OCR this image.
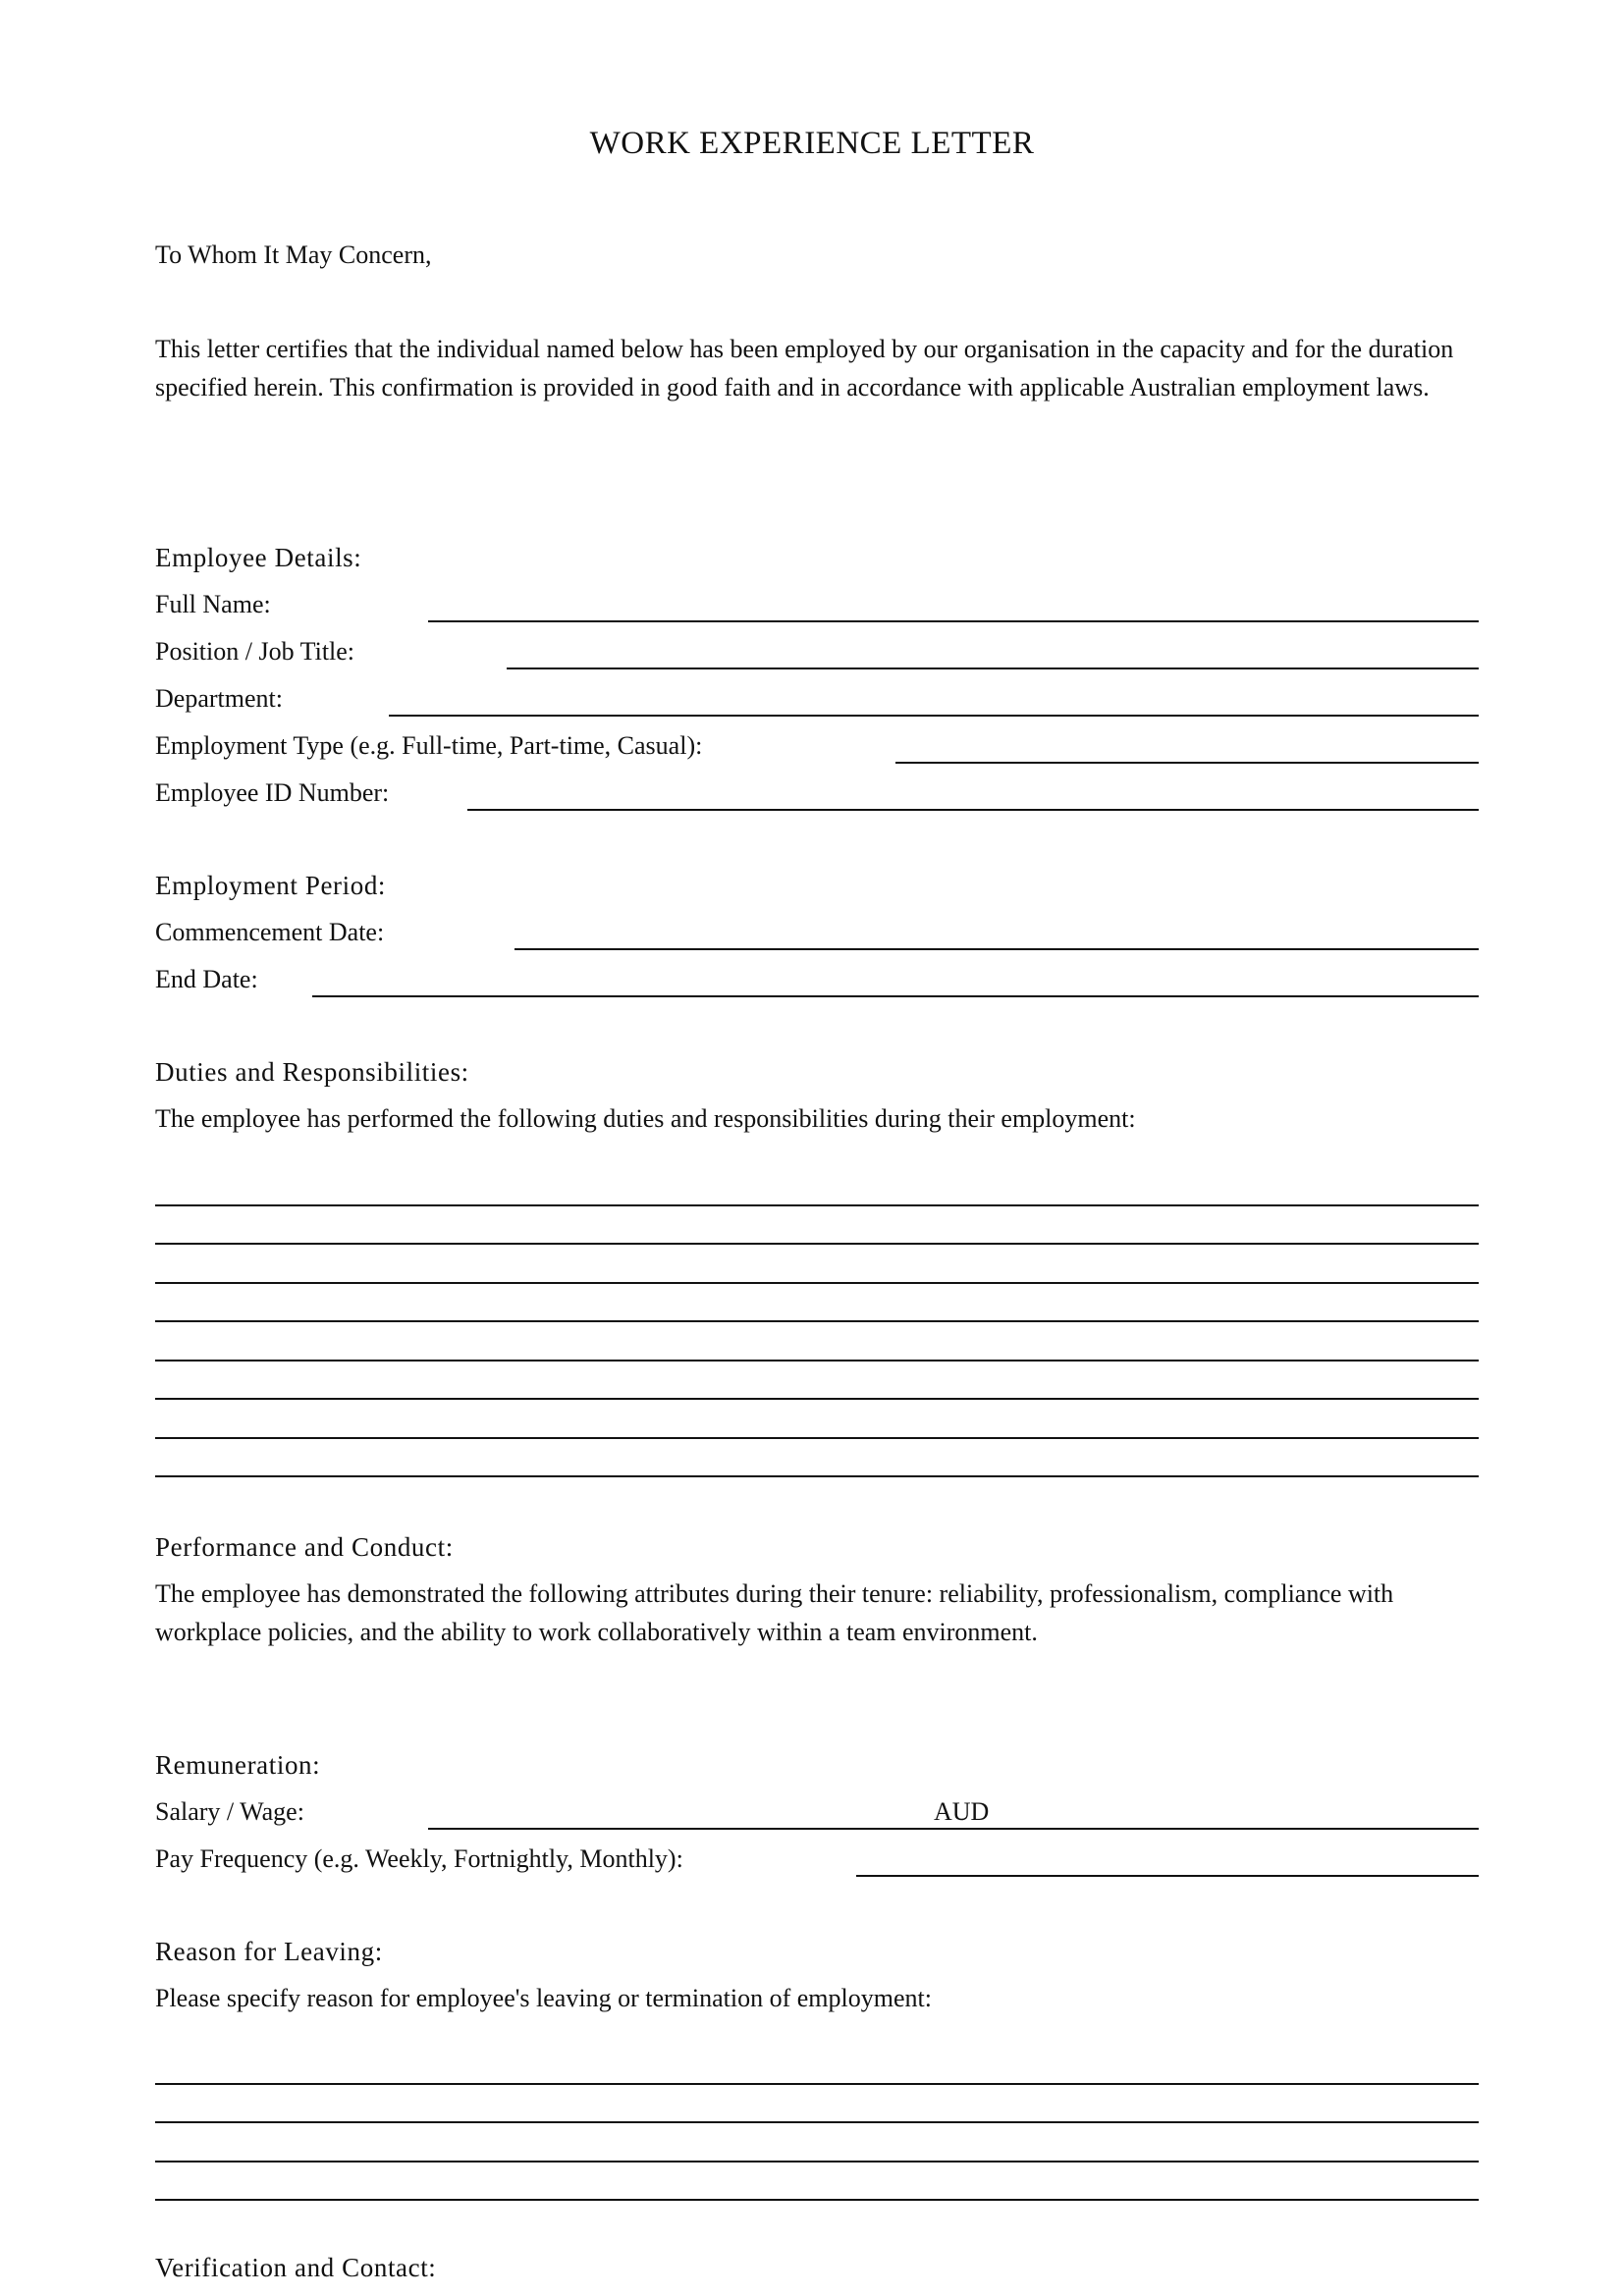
WORK EXPERIENCE LETTER
To Whom It May Concern,
This letter certifies that the individual named below has been employed by our organisation in the capacity and for the duration specified herein. This confirmation is provided in good faith and in accordance with applicable Australian employment laws.
Employee Details:
Full Name:
Position / Job Title:
Department:
Employment Type (e.g. Full-time, Part-time, Casual):
Employee ID Number:
Employment Period:
Commencement Date:
End Date:
Duties and Responsibilities:
The employee has performed the following duties and responsibilities during their employment:
Performance and Conduct:
The employee has demonstrated the following attributes during their tenure: reliability, professionalism, compliance with workplace policies, and the ability to work collaboratively within a team environment.
Remuneration:
Salary / Wage:	AUD
Pay Frequency (e.g. Weekly, Fortnightly, Monthly):
Reason for Leaving:
Please specify reason for employee's leaving or termination of employment:
Verification and Contact:
